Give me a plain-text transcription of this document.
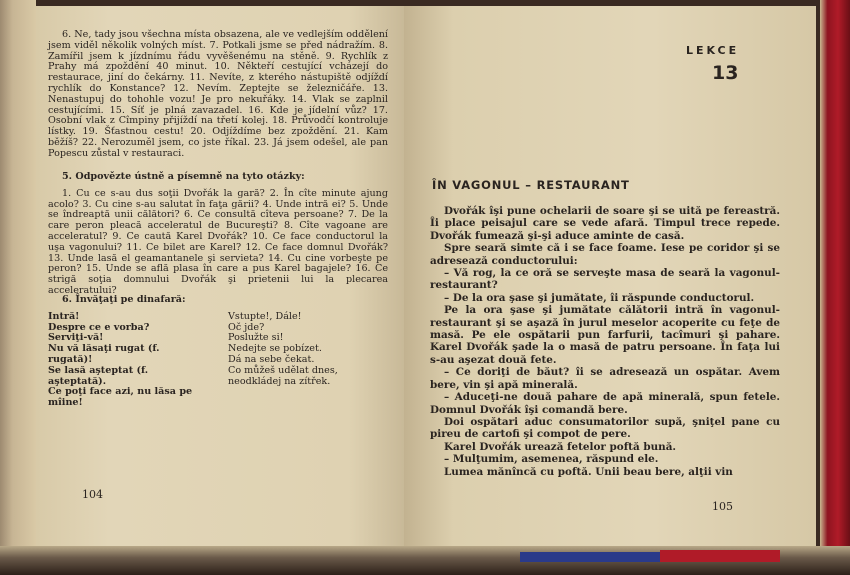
6. Ne, tady jsou všechna místa obsazena, ale ve vedlejším oddělení jsem viděl několik volných míst. 7. Potkali jsme se před nádražím. 8. Zamířil jsem k jízdnímu řádu vyvěšenému na stěně. 9. Rychlík z Prahy má zpoždění 40 minut. 10. Někteří cestující vcházejí do restaurace, jiní do čekárny. 11. Nevíte, z kterého nástupiště odjíždí rychlík do Konstance? 12. Nevím. Zeptejte se železničáře. 13. Nenastupuj do tohohle vozu! Je pro nekuřáky. 14. Vlak se zaplnil cestujícími. 15. Síť je plná zavazadel. 16. Kde je jídelní vůz? 17. Osobní vlak z Cîmpiny přijíždí na třetí kolej. 18. Průvodčí kontroluje lístky. 19. Šťastnou cestu! 20. Odjíždíme bez zpoždění. 21. Kam běžíš? 22. Nerozuměl jsem, co jste říkal. 23. Já jsem odešel, ale pan Popescu zůstal v restauraci.

5. Odpovězte ústně a písemně na tyto otázky:

1. Cu ce s-au dus soţii Dvořák la gară? 2. În cîte minute ajung acolo? 3. Cu cine s-au salutat în faţa gării? 4. Unde intră ei? 5. Unde se îndreaptă unii călători? 6. Ce consultă cîteva persoane? 7. De la care peron pleacă acceleratul de Bucureşti? 8. Cîte vagoane are acceleratul? 9. Ce caută Karel Dvořák? 10. Ce face conductorul la uşa vagonului? 11. Ce bilet are Karel? 12. Ce face domnul Dvořák? 13. Unde lasă el geamantanele şi servieta? 14. Cu cine vorbeşte pe peron? 15. Unde se află plasa în care a pus Karel bagajele? 16. Ce strigă soţia domnului Dvořák şi prietenii lui la plecarea acceleratului?

6. Învăţaţi pe dinafară:

Intră!
Despre ce e vorba?
Serviţi-vă!
Nu vă lăsaţi rugat (f. rugată)!
Se lasă aşteptat (f. aşteptată).
Ce poţi face azi, nu lăsa pe mîine!
Vstupte!, Dále!
Oč jde?
Poslužte si!
Nedejte se pobízet.
Dá na sebe čekat.
Co můžeš udělat dnes, neodkládej na zítřek.
104
LEKCE
13
ÎN VAGONUL – RESTAURANT

Dvořák îşi pune ochelarii de soare şi se uită pe fereastră. Îi place peisajul care se vede afară. Timpul trece repede. Dvořák fumează şi-şi aduce aminte de casă.

Spre seară simte că i se face foame. Iese pe coridor şi se adresează conductorului:

– Vă rog, la ce oră se serveşte masa de seară la vagonul-restaurant?

– De la ora şase şi jumătate, îi răspunde conductorul.

Pe la ora şase şi jumătate călătorii intră în vagonul-restaurant şi se aşază în jurul meselor acoperite cu feţe de masă. Pe ele ospătarii pun farfurii, tacîmuri şi pahare. Karel Dvořák şade la o masă de patru persoane. În faţa lui s-au aşezat două fete.

– Ce doriţi de băut? îi se adresează un ospătar. Avem bere, vin şi apă minerală.

– Aduceţi-ne două pahare de apă minerală, spun fetele. Domnul Dvořák îşi comandă bere.

Doi ospătari aduc consumatorilor supă, şniţel pane cu pireu de cartofi şi compot de pere.

Karel Dvořák urează fetelor poftă bună.

– Mulţumim, asemenea, răspund ele.

Lumea mănîncă cu poftă. Unii beau bere, alţii vin

105
